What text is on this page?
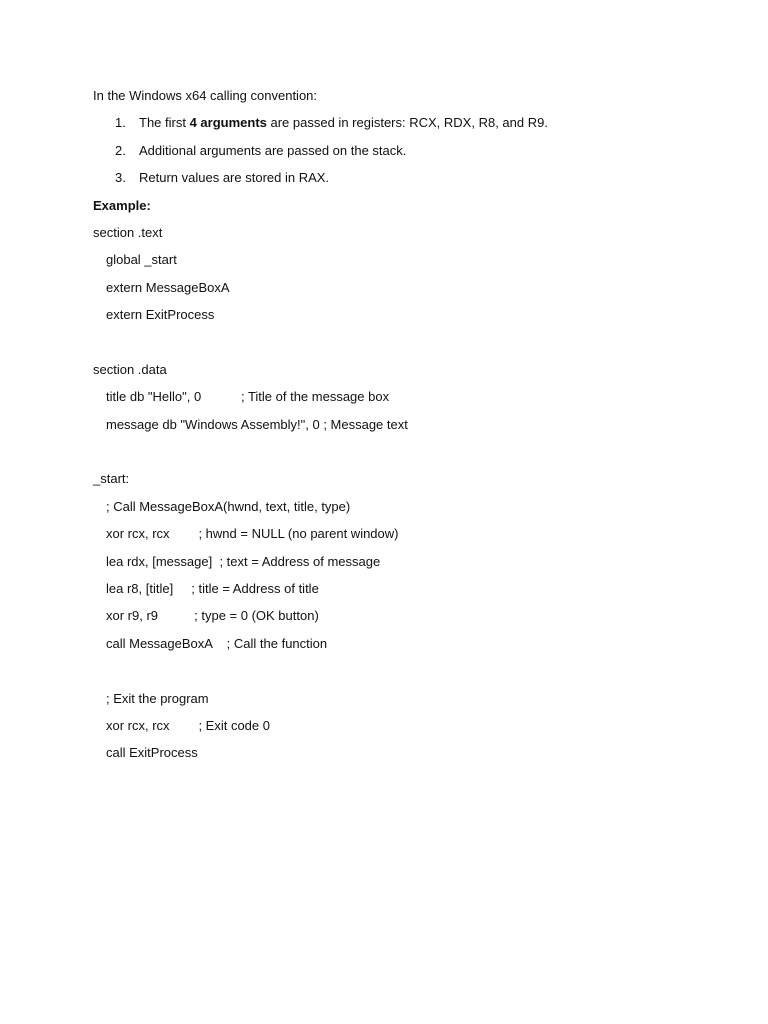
In the Windows x64 calling convention:
1.	The first 4 arguments are passed in registers: RCX, RDX, R8, and R9.
2.	Additional arguments are passed on the stack.
3.	Return values are stored in RAX.
Example:
section .text
global _start
extern MessageBoxA
extern ExitProcess
section .data
title db "Hello", 0           ; Title of the message box
message db "Windows Assembly!", 0 ; Message text
_start:
; Call MessageBoxA(hwnd, text, title, type)
xor rcx, rcx        ; hwnd = NULL (no parent window)
lea rdx, [message]  ; text = Address of message
lea r8, [title]     ; title = Address of title
xor r9, r9          ; type = 0 (OK button)
call MessageBoxA    ; Call the function
; Exit the program
xor rcx, rcx        ; Exit code 0
call ExitProcess
